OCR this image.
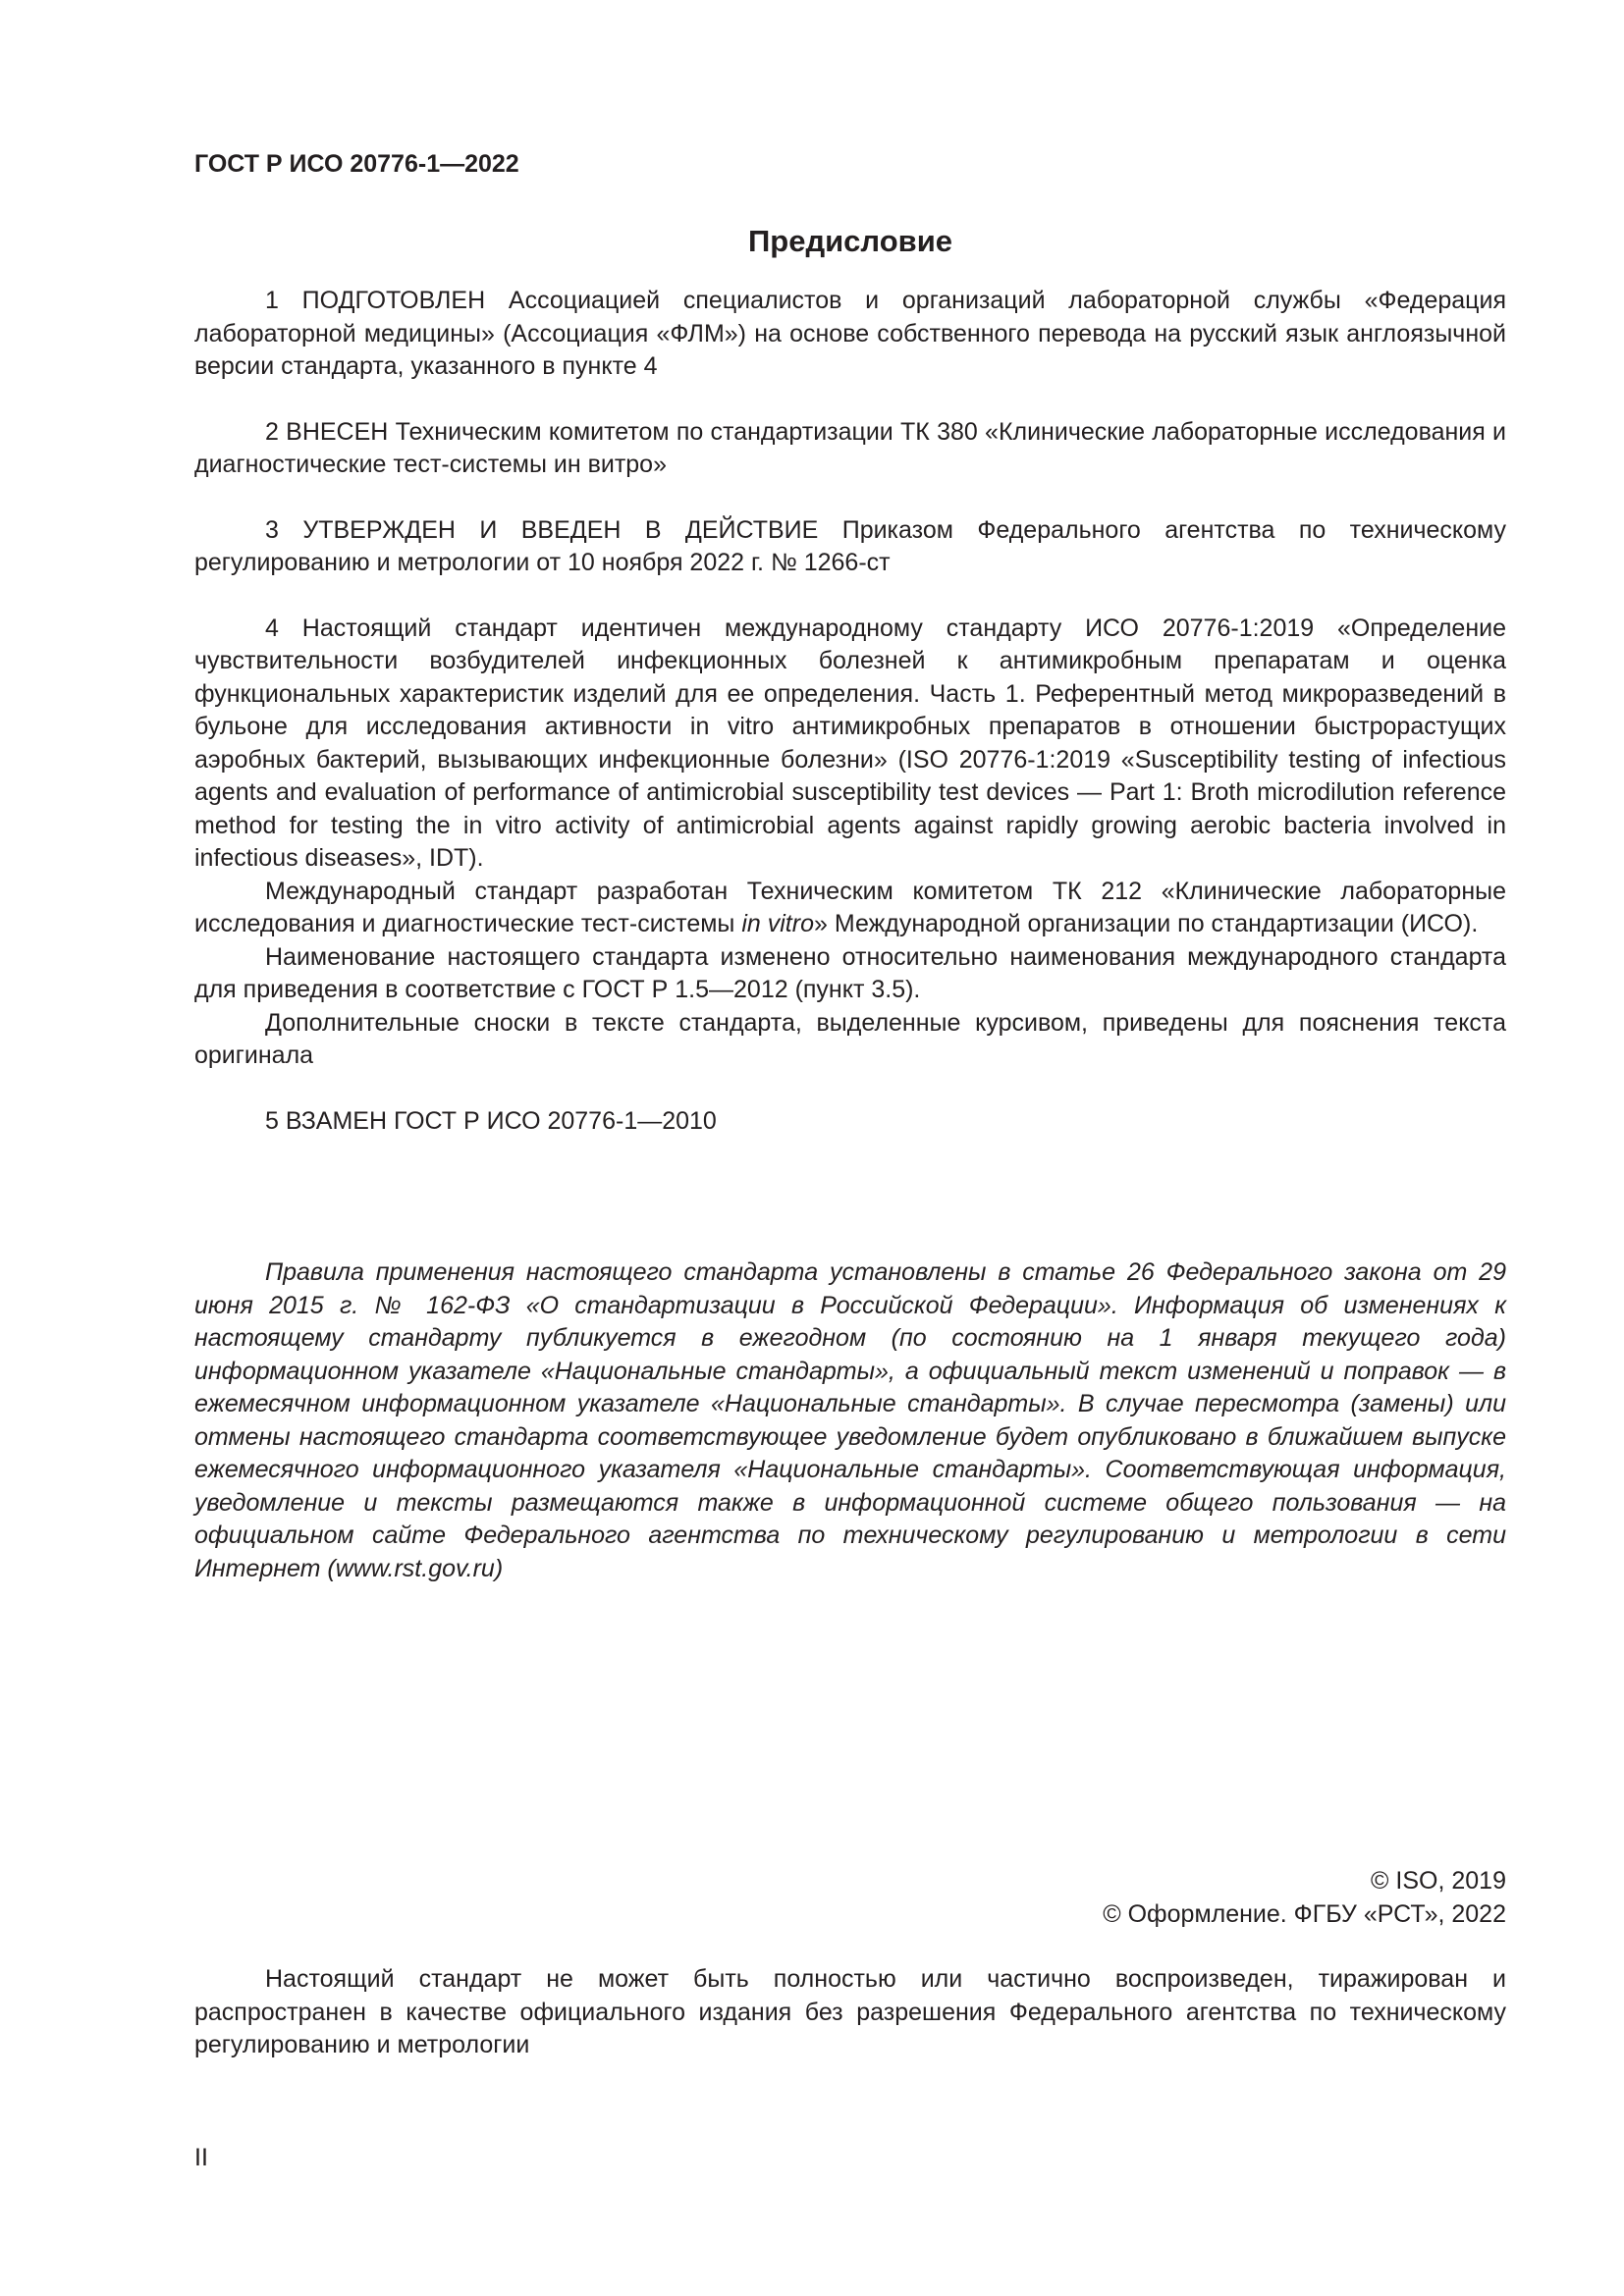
ГОСТ Р ИСО 20776-1—2022
Предисловие

1 ПОДГОТОВЛЕН Ассоциацией специалистов и организаций лабораторной службы «Федерация лабораторной медицины» (Ассоциация «ФЛМ») на основе собственного перевода на русский язык англоязычной версии стандарта, указанного в пункте 4

2 ВНЕСЕН Техническим комитетом по стандартизации ТК 380 «Клинические лабораторные исследования и диагностические тест-системы ин витро»

3 УТВЕРЖДЕН И ВВЕДЕН В ДЕЙСТВИЕ Приказом Федерального агентства по техническому регулированию и метрологии от 10 ноября 2022 г. № 1266-ст

4 Настоящий стандарт идентичен международному стандарту ИСО 20776-1:2019 «Определение чувствительности возбудителей инфекционных болезней к антимикробным препаратам и оценка функциональных характеристик изделий для ее определения. Часть 1. Референтный метод микроразведений в бульоне для исследования активности in vitro антимикробных препаратов в отношении быстрорастущих аэробных бактерий, вызывающих инфекционные болезни» (ISO 20776-1:2019 «Susceptibility testing of infectious agents and evaluation of performance of antimicrobial susceptibility test devices — Part 1: Broth microdilution reference method for testing the in vitro activity of antimicrobial agents against rapidly growing aerobic bacteria involved in infectious diseases», IDT).

Международный стандарт разработан Техническим комитетом ТК 212 «Клинические лабораторные исследования и диагностические тест-системы in vitro» Международной организации по стандартизации (ИСО).

Наименование настоящего стандарта изменено относительно наименования международного стандарта для приведения в соответствие с ГОСТ Р 1.5—2012 (пункт 3.5).

Дополнительные сноски в тексте стандарта, выделенные курсивом, приведены для пояснения текста оригинала

5 ВЗАМЕН ГОСТ Р ИСО 20776-1—2010

Правила применения настоящего стандарта установлены в статье 26 Федерального закона от 29 июня 2015 г. № 162-ФЗ «О стандартизации в Российской Федерации». Информация об изменениях к настоящему стандарту публикуется в ежегодном (по состоянию на 1 января текущего года) информационном указателе «Национальные стандарты», а официальный текст изменений и поправок — в ежемесячном информационном указателе «Национальные стандарты». В случае пересмотра (замены) или отмены настоящего стандарта соответствующее уведомление будет опубликовано в ближайшем выпуске ежемесячного информационного указателя «Национальные стандарты». Соответствующая информация, уведомление и тексты размещаются также в информационной системе общего пользования — на официальном сайте Федерального агентства по техническому регулированию и метрологии в сети Интернет (www.rst.gov.ru)

© ISO, 2019
© Оформление. ФГБУ «РСТ», 2022

Настоящий стандарт не может быть полностью или частично воспроизведен, тиражирован и распространен в качестве официального издания без разрешения Федерального агентства по техническому регулированию и метрологии

II
